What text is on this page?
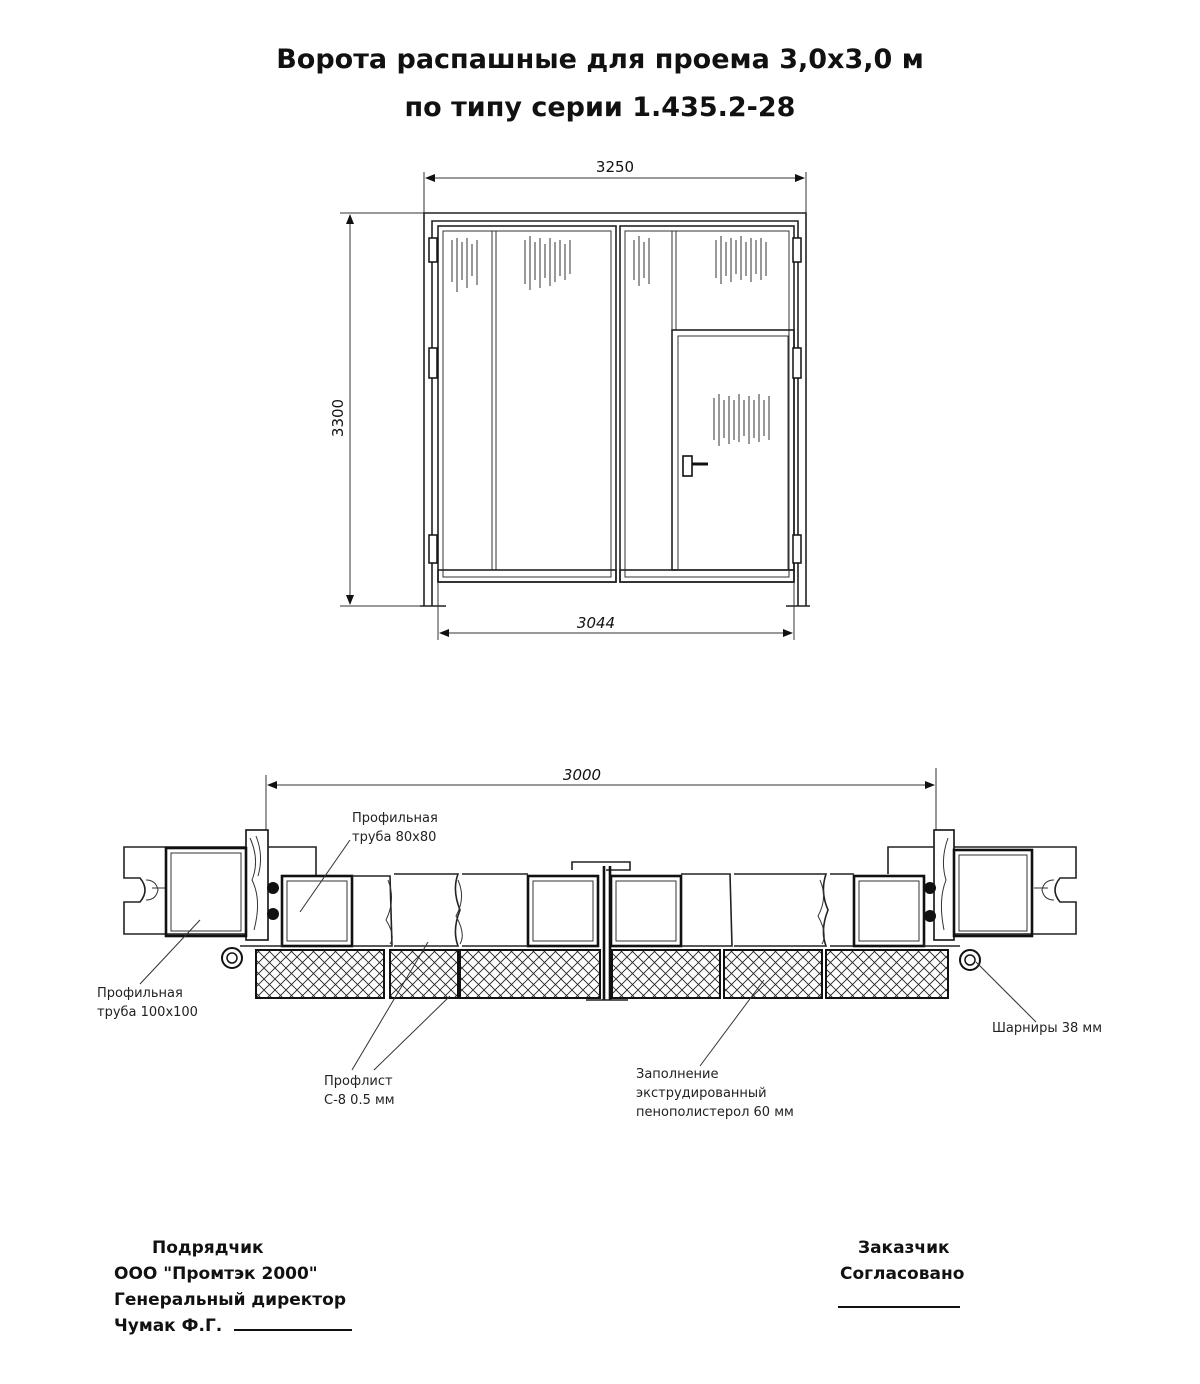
Ворота распашные для проема 3,0х3,0 м
по типу серии 1.435.2-28
3250
3300
3044
3000
Профильная
труба 80х80
Профильная
труба 100х100
Шарниры 38 мм
Профлист
С-8 0.5 мм
Заполнение
экструдированный
пенополистерол 60 мм
Подрядчик
ООО "Промтэк 2000"
Генеральный директор
Чумак Ф.Г.
Заказчик
Согласовано
